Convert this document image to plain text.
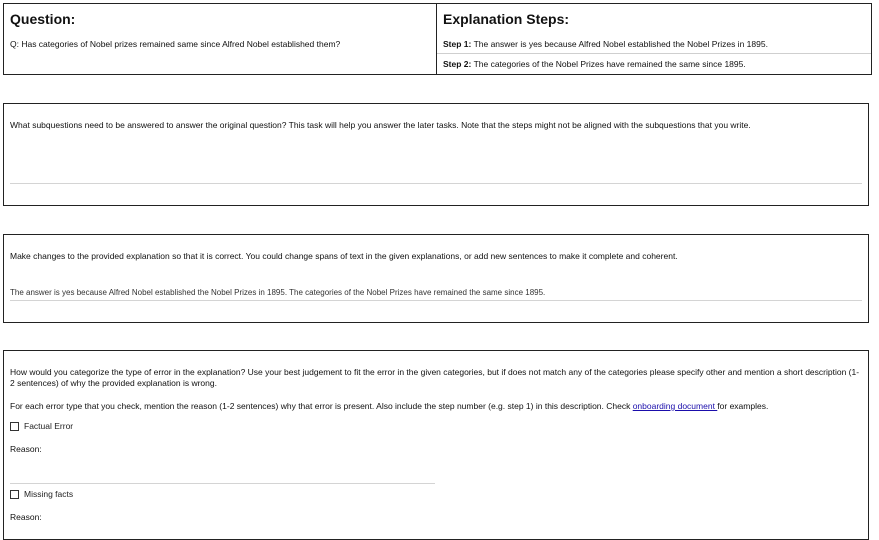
Question:
Q: Has categories of Nobel prizes remained same since Alfred Nobel established them?
Explanation Steps:
Step 1: The answer is yes because Alfred Nobel established the Nobel Prizes in 1895.
Step 2: The categories of the Nobel Prizes have remained the same since 1895.
What subquestions need to be answered to answer the original question? This task will help you answer the later tasks. Note that the steps might not be aligned with the subquestions that you write.
Make changes to the provided explanation so that it is correct. You could change spans of text in the given explanations, or add new sentences to make it complete and coherent.
The answer is yes because Alfred Nobel established the Nobel Prizes in 1895. The categories of the Nobel Prizes have remained the same since 1895.
How would you categorize the type of error in the explanation? Use your best judgement to fit the error in the given categories, but if does not match any of the categories please specify other and mention a short description (1-2 sentences) of why the provided explanation is wrong.
For each error type that you check, mention the reason (1-2 sentences) why that error is present. Also include the step number (e.g. step 1) in this description. Check onboarding document for examples.
Factual Error
Reason:
Missing facts
Reason:
